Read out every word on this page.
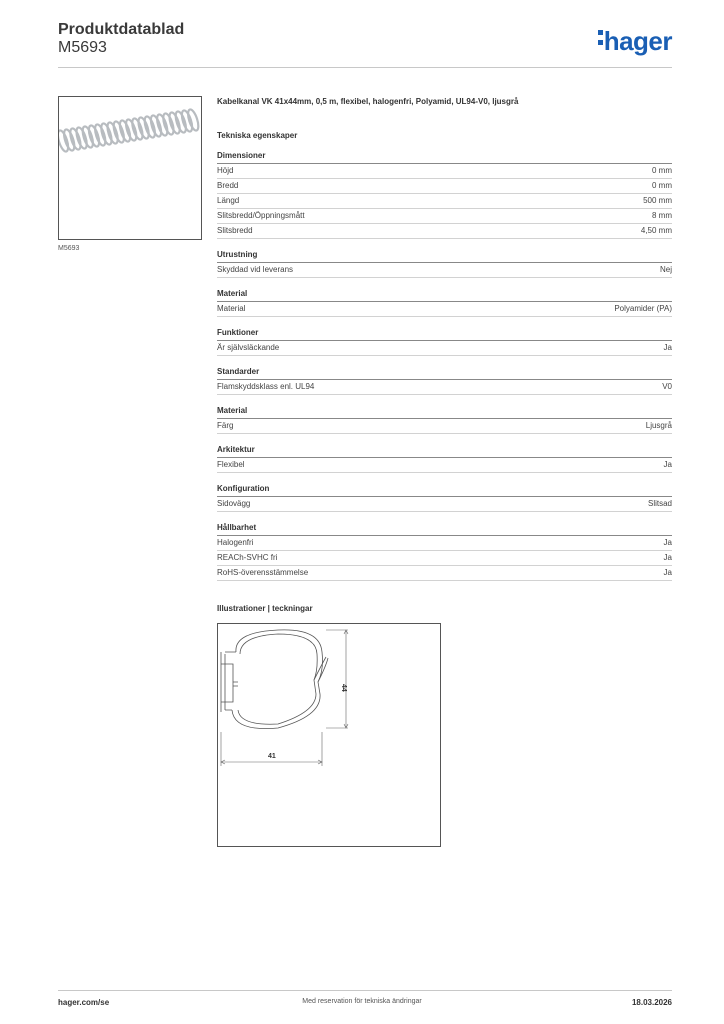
Produktdatablad
M5693	hager
M5693
Kabelkanal VK 41x44mm, 0,5 m, flexibel, halogenfri, Polyamid, UL94-V0, ljusgrå
Tekniska egenskaper
Dimensioner
Höjd	0 mm
Bredd	0 mm
Längd	500 mm
Slitsbredd/Öppningsmått	8 mm
Slitsbredd	4,50 mm
Utrustning
Skyddad vid leverans	Nej
Material
Material	Polyamider (PA)
Funktioner
Är självsläckande	Ja
Standarder
Flamskyddsklass enl. UL94	V0
Material
Färg	Ljusgrå
Arkitektur
Flexibel	Ja
Konfiguration
Sidovägg	Slitsad
Hållbarhet
Halogenfri	Ja
REACh-SVHC fri	Ja
RoHS-överensstämmelse	Ja
Illustrationer | teckningar
44
41
hager.com/se	Med reservation för tekniska ändringar	18.03.2026
